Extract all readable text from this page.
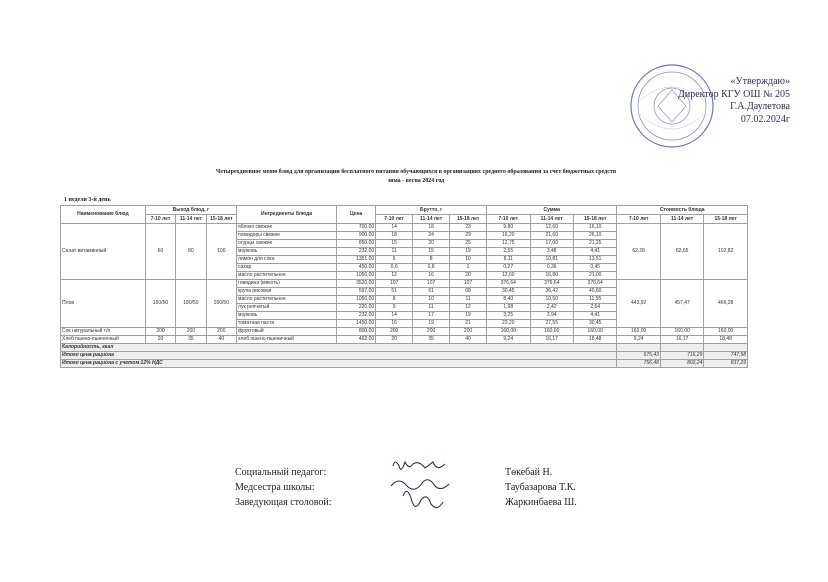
«Утверждаю»
Директор КГУ ОШ № 205
Г.А.Даулетова
07.02.2024г
Четырехдневное меню блюд для организации бесплатного питания обучающихся в организациях среднего образования за счет бюджетных средств
зима - весна 2024 год
1 неделя 3-й день
Наименование блюд	Выход блюд, г			Ингредиенты блюда	Цена	Брутто, г			Сумма			Стоимость блюда		
	7-10 лет	11-14 лет	15-18 лет			7-10 лет	11-14 лет	15-18 лет	7-10 лет	11-14 лет	15-18 лет	7-10 лет	11-14 лет	15-18 лет
Салат витаминный	60	80	100	яблоко свежие	700,00	14	18	23	9,80	12,60	16,10	62,28	82,65	102,82
				помидоры свежие	900,00	18	24	29	16,20	21,60	26,10			
				огурцы свежие	850,00	15	20	25	12,75	17,00	21,25			
				морковь	232,00	11	15	19	2,55	3,48	4,41			
				лимон для сока	1351,00	6	8	10	8,11	10,81	13,51			
				сахар	450,00	0,6	0,8	1	0,27	0,36	0,45			
				масло растительное	1050,00	12	16	20	12,60	16,80	21,00			
Плов	150/50	180/50	200/50	говядина (мякоть)	3520,00	107	107	107	376,64	376,64	376,64	443,92	457,47	466,28
				крупа рисовая	597,00	51	61	68	30,45	36,42	40,60			
				масло растительное	1050,00	8	10	11	8,40	10,50	11,55			
				лук репчатый	220,00	9	11	12	1,98	2,42	2,64			
				морковь	232,00	14	17	19	3,25	3,94	4,41			
				томатная паста	1450,00	16	19	21	23,20	27,55	30,45			
Сок натуральный т/п	200	200	200	фруктовый	800,00	200	200	200	160,00	160,00	160,00	160,00	160,00	160,00
Хлеб пшено-пшеничный	20	35	40	хлеб пшено-пшеничный	462,00	20	35	40	9,24	16,17	18,48	9,24	16,17	18,48
Калорийность, ккал														
Итого цена рациона												675,43	716,29	747,58
Итого цена рациона с учетом 12% НДС												756,48	802,24	837,29
Социальный педагог:	Төкебай Н.
Медсестра школы:	Таубазарова Т.К.
Заведующая столовой:	Жаркинбаева Ш.
